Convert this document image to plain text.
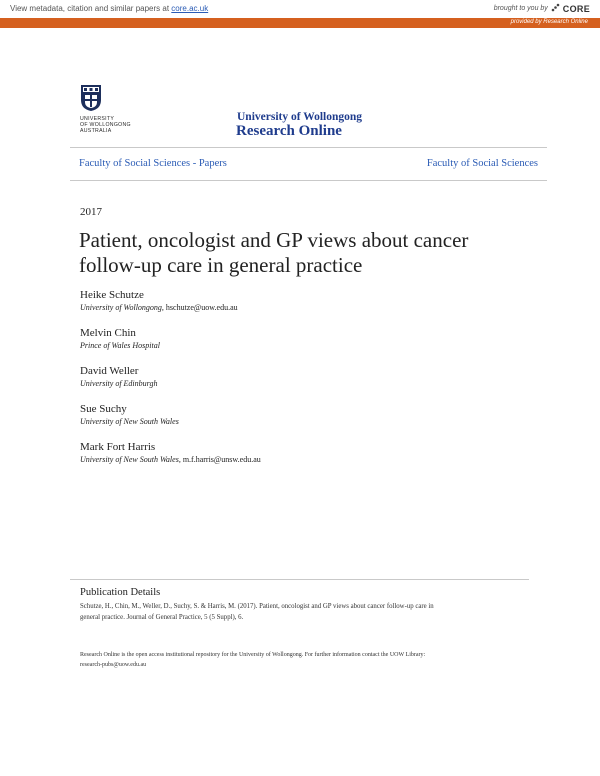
View metadata, citation and similar papers at core.ac.uk	brought to you by CORE
provided by Research Online
UNIVERSITY
OF WOLLONGONG
AUSTRALIA
University of Wollongong
Research Online
Faculty of Social Sciences - Papers	Faculty of Social Sciences
2017
Patient, oncologist and GP views about cancer follow-up care in general practice
Heike Schutze
University of Wollongong, hschutze@uow.edu.au
Melvin Chin
Prince of Wales Hospital
David Weller
University of Edinburgh
Sue Suchy
University of New South Wales
Mark Fort Harris
University of New South Wales, m.f.harris@unsw.edu.au
Publication Details
Schutze, H., Chin, M., Weller, D., Suchy, S. & Harris, M. (2017). Patient, oncologist and GP views about cancer follow-up care in
general practice. Journal of General Practice, 5 (5 Suppl), 6.
Research Online is the open access institutional repository for the University of Wollongong. For further information contact the UOW Library:
research-pubs@uow.edu.au
